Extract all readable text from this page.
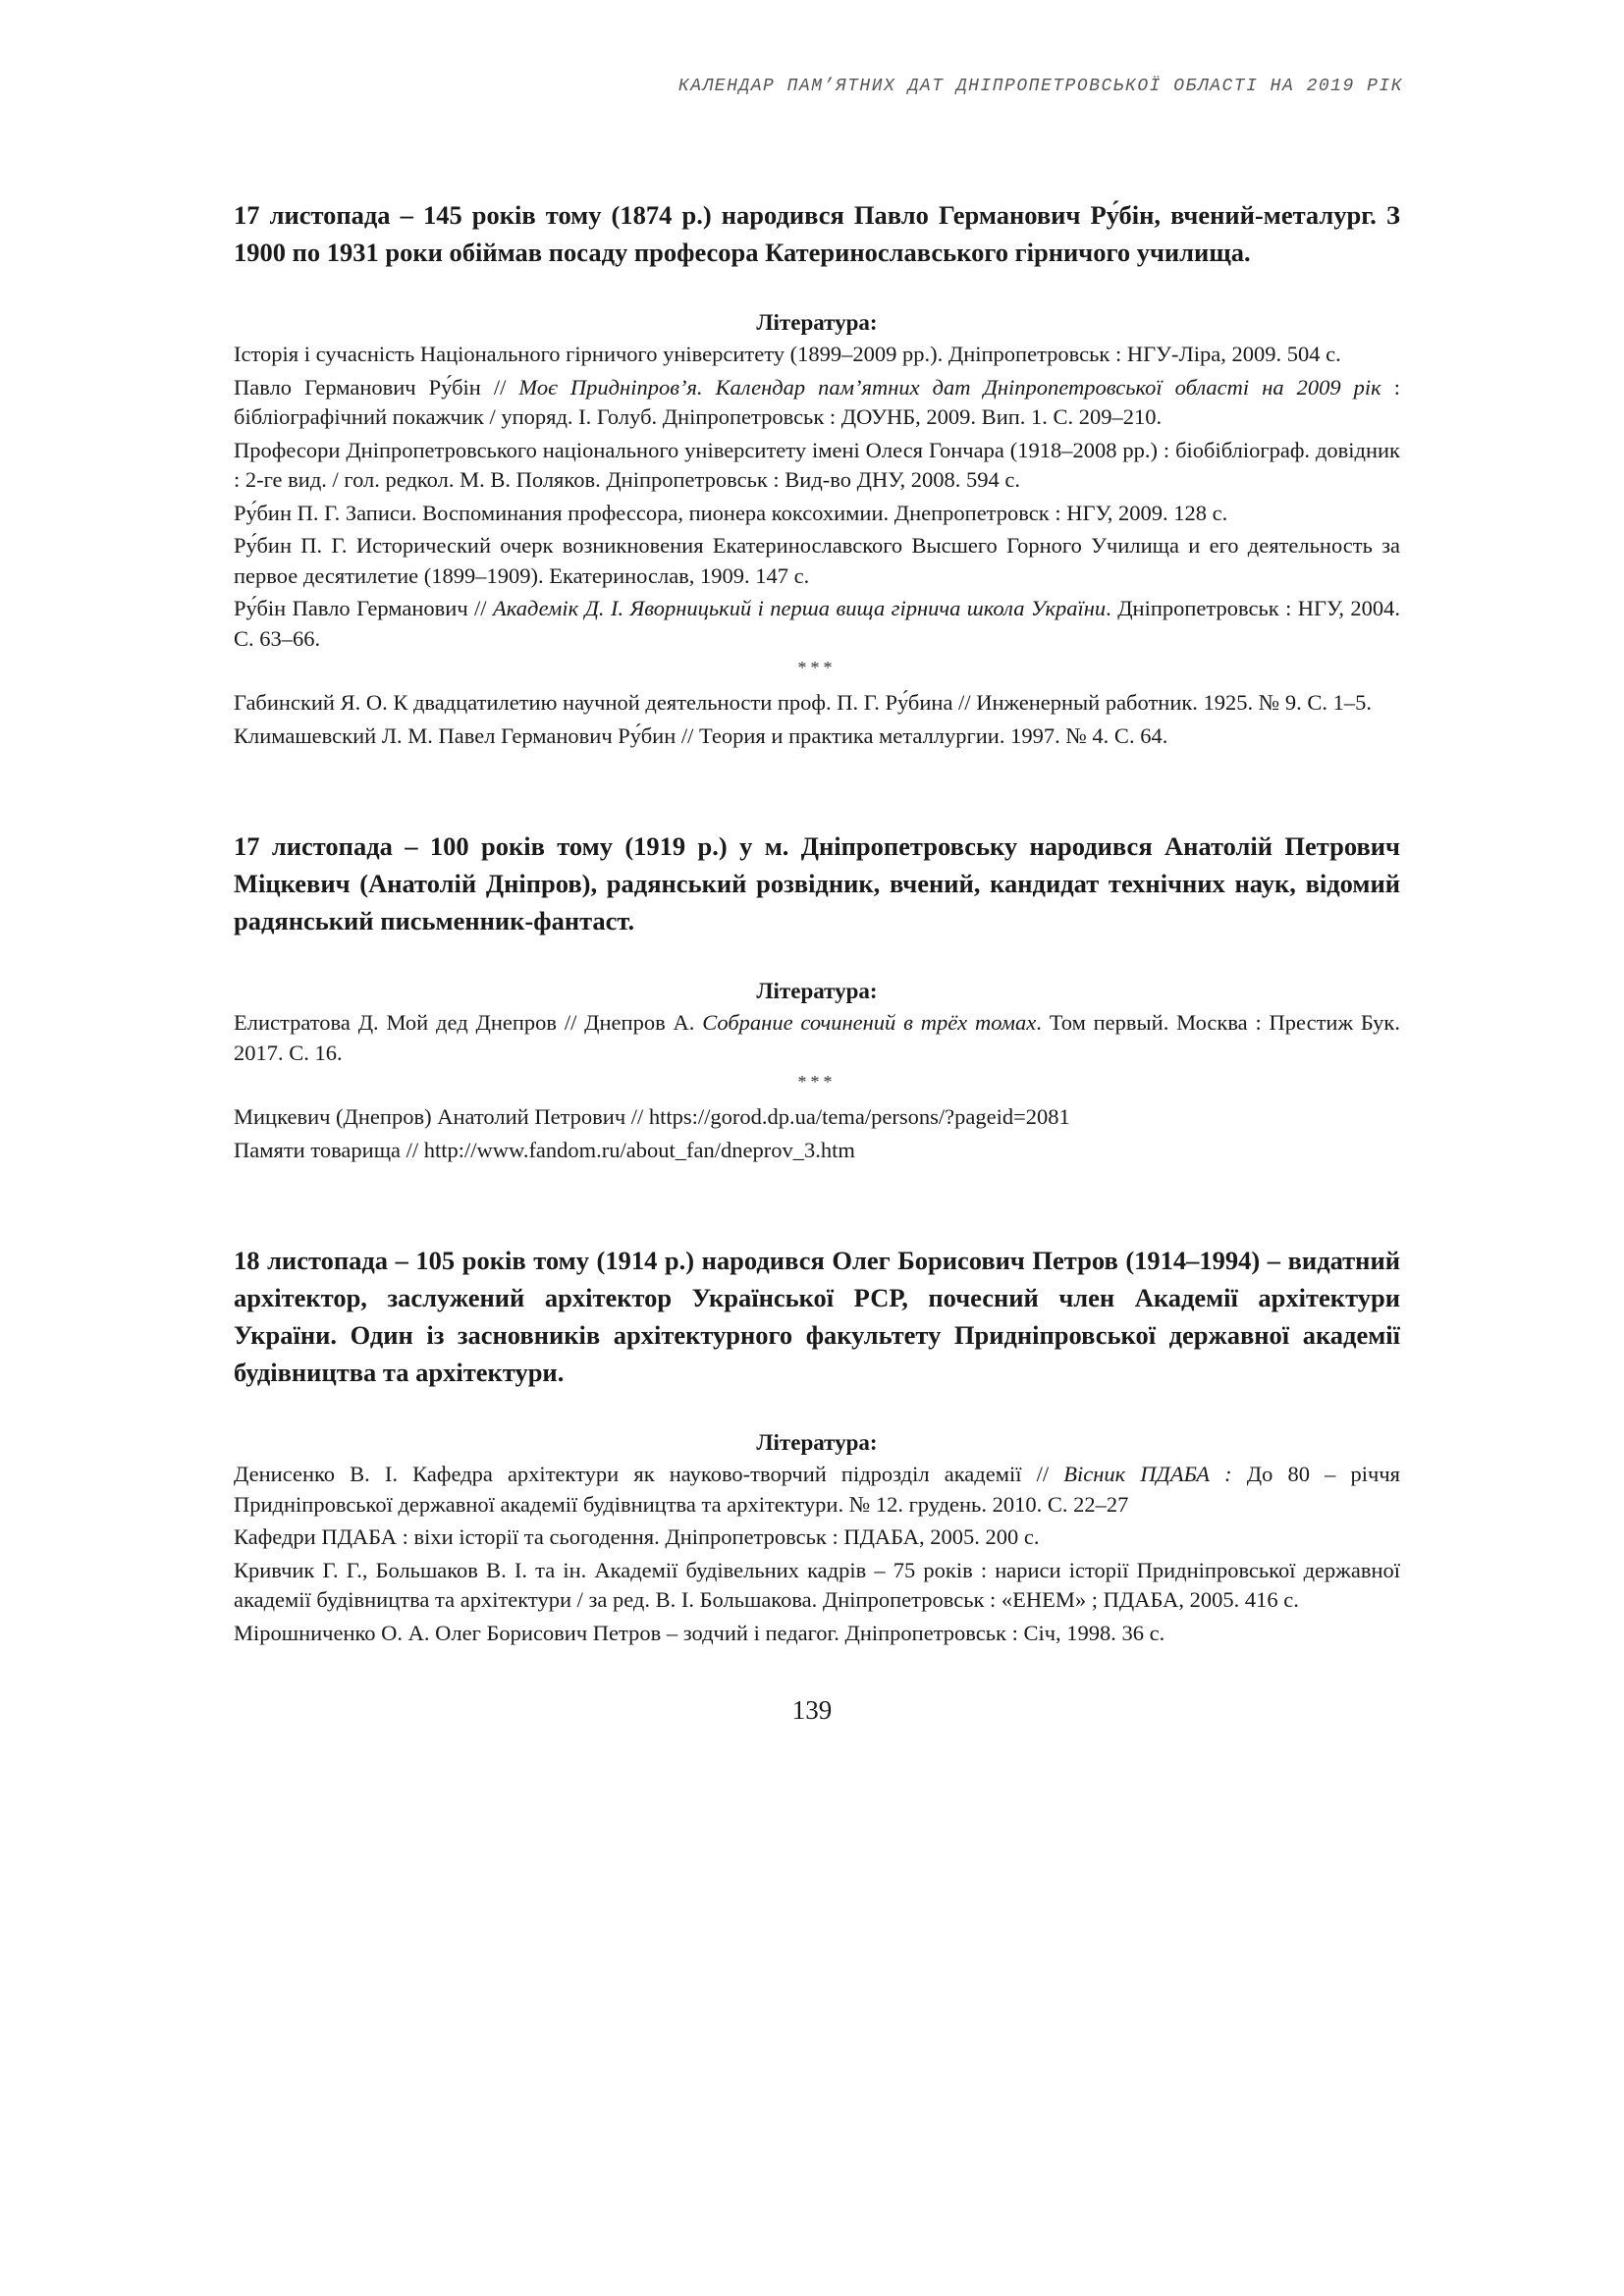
КАЛЕНДАР ПАМ’ЯТНИХ ДАТ ДНІПРОПЕТРОВСЬКОЇ ОБЛАСТІ НА 2019 РІК

17 листопада – 145 років тому (1874 р.) народився Павло Германович Ру́бін, вчений-металург. З 1900 по 1931 роки обіймав посаду професора Катеринославського гірничого училища.

Література:

Історія і сучасність Національного гірничого університету (1899–2009 рр.). Дніпропетровськ : НГУ-Ліра, 2009. 504 с.

Павло Германович Ру́бін // Моє Придніпров’я. Календар пам’ятних дат Дніпропетровської області на 2009 рік : бібліографічний покажчик / упоряд. І. Голуб. Дніпропетровськ : ДОУНБ, 2009. Вип. 1. С. 209–210.

Професори Дніпропетровського національного університету імені Олеся Гончара (1918–2008 рр.) : біобібліограф. довідник : 2-ге вид. / гол. редкол. М. В. Поляков. Дніпропетровськ : Вид-во ДНУ, 2008. 594 с.

Ру́бин П. Г. Записи. Воспоминания профессора, пионера коксохимии. Днепропетровск : НГУ, 2009. 128 с.

Ру́бин П. Г. Исторический очерк возникновения Екатеринославского Высшего Горного Училища и его деятельность за первое десятилетие (1899–1909). Екатеринослав, 1909. 147 с.

Ру́бін Павло Германович // Академік Д. І. Яворницький і перша вища гірнича школа України. Дніпропетровськ : НГУ, 2004. С. 63–66.

***

Габинский Я. О. К двадцатилетию научной деятельности проф. П. Г. Ру́бина // Инженерный работник. 1925. № 9. С. 1–5.

Климашевский Л. М. Павел Германович Ру́бин // Теория и практика металлургии. 1997. № 4. С. 64.

17 листопада – 100 років тому (1919 р.) у м. Дніпропетровську народився Анатолій Петрович Міцкевич (Анатолій Дніпров), радянський розвідник, вчений, кандидат технічних наук, відомий радянський письменник-фантаст.

Література:

Елистратова Д. Мой дед Днепров // Днепров А. Собрание сочинений в трёх томах. Том первый. Москва : Престиж Бук. 2017. С. 16.

***

Мицкевич (Днепров) Анатолий Петрович // https://gorod.dp.ua/tema/persons/?pageid=2081

Памяти товарища // http://www.fandom.ru/about_fan/dneprov_3.htm

18 листопада – 105 років тому (1914 р.) народився Олег Борисович Петров (1914–1994) – видатний архітектор, заслужений архітектор Української РСР, почесний член Академії архітектури України. Один із засновників архітектурного факультету Придніпровської державної академії будівництва та архітектури.

Література:

Денисенко В. І. Кафедра архітектури як науково-творчий підрозділ академії // Вісник ПДАБА : До 80 – річчя Придніпровської державної академії будівництва та архітектури. № 12. грудень. 2010. С. 22–27

Кафедри ПДАБА : віхи історії та сьогодення. Дніпропетровськ : ПДАБА, 2005. 200 с.

Кривчик Г. Г., Большаков В. І. та ін. Академії будівельних кадрів – 75 років : нариси історії Придніпровської державної академії будівництва та архітектури / за ред. В. І. Большакова. Дніпропетровськ : «ЕНЕМ» ; ПДАБА, 2005. 416 с.

Мірошниченко О. А. Олег Борисович Петров – зодчий і педагог. Дніпропетровськ : Січ, 1998. 36 с.

139
